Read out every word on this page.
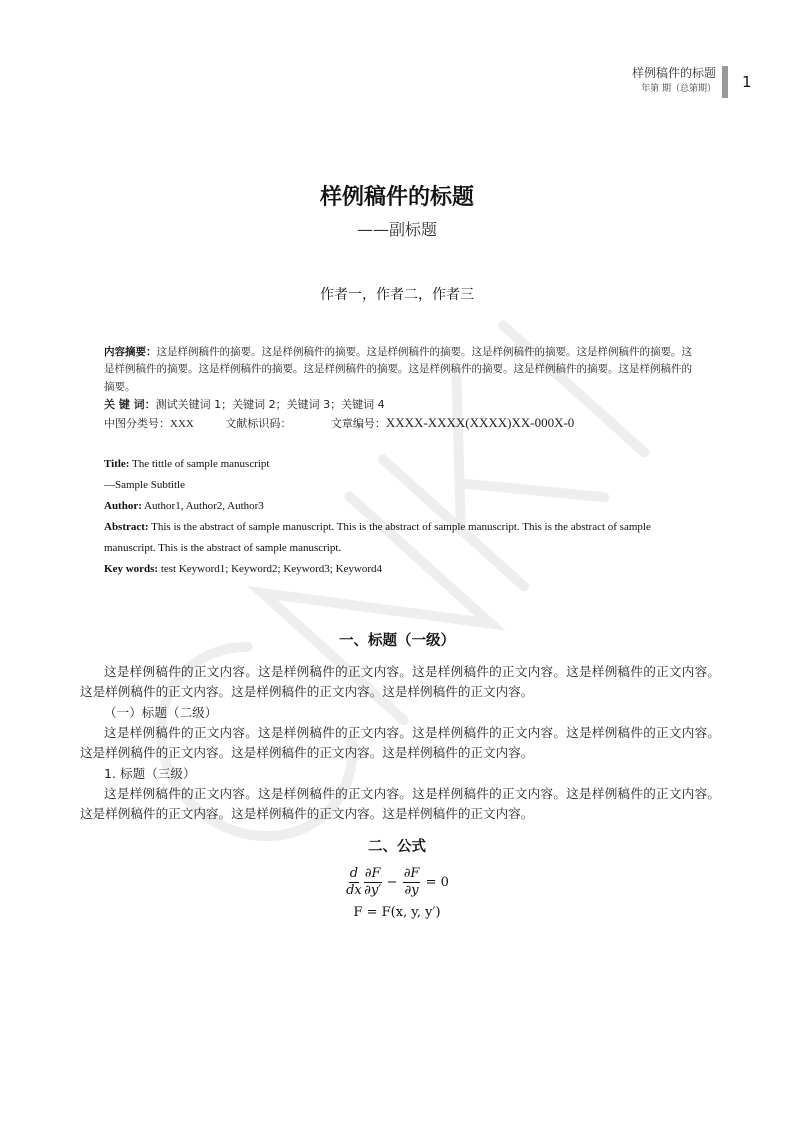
样例稿件的标题
年第 期（总第期） 1
样例稿件的标题
——副标题
作者一，作者二，作者三
内容摘要：这是样例稿件的摘要。这是样例稿件的摘要。这是样例稿件的摘要。这是样例稿件的摘要。这是样例稿件的摘要。这是样例稿件的摘要。这是样例稿件的摘要。这是样例稿件的摘要。这是样例稿件的摘要。这是样例稿件的摘要。这是样例稿件的摘要。
关 键 词：测试关键词 1；关键词 2；关键词 3；关键词 4
中图分类号：XXX	文献标识码：	文章编号：XXXX-XXXX(XXXX)XX-000X-0
Title: The tittle of sample manuscript
—Sample Subtitle
Author: Author1, Author2, Author3
Abstract: This is the abstract of sample manuscript. This is the abstract of sample manuscript. This is the abstract of sample manuscript. This is the abstract of sample manuscript.
Key words: test Keyword1; Keyword2; Keyword3; Keyword4
一、标题（一级）
这是样例稿件的正文内容。这是样例稿件的正文内容。这是样例稿件的正文内容。这是样例稿件的正文内容。这是样例稿件的正文内容。这是样例稿件的正文内容。这是样例稿件的正文内容。
（一）标题（二级）
这是样例稿件的正文内容。这是样例稿件的正文内容。这是样例稿件的正文内容。这是样例稿件的正文内容。这是样例稿件的正文内容。这是样例稿件的正文内容。这是样例稿件的正文内容。
1. 标题（三级）
这是样例稿件的正文内容。这是样例稿件的正文内容。这是样例稿件的正文内容。这是样例稿件的正文内容。这是样例稿件的正文内容。这是样例稿件的正文内容。这是样例稿件的正文内容。
二、公式
$\frac{d}{dx} \frac{\partial F}{\partial y'} - \frac{\partial F}{\partial y} = 0$
F = F(x, y, y′)
